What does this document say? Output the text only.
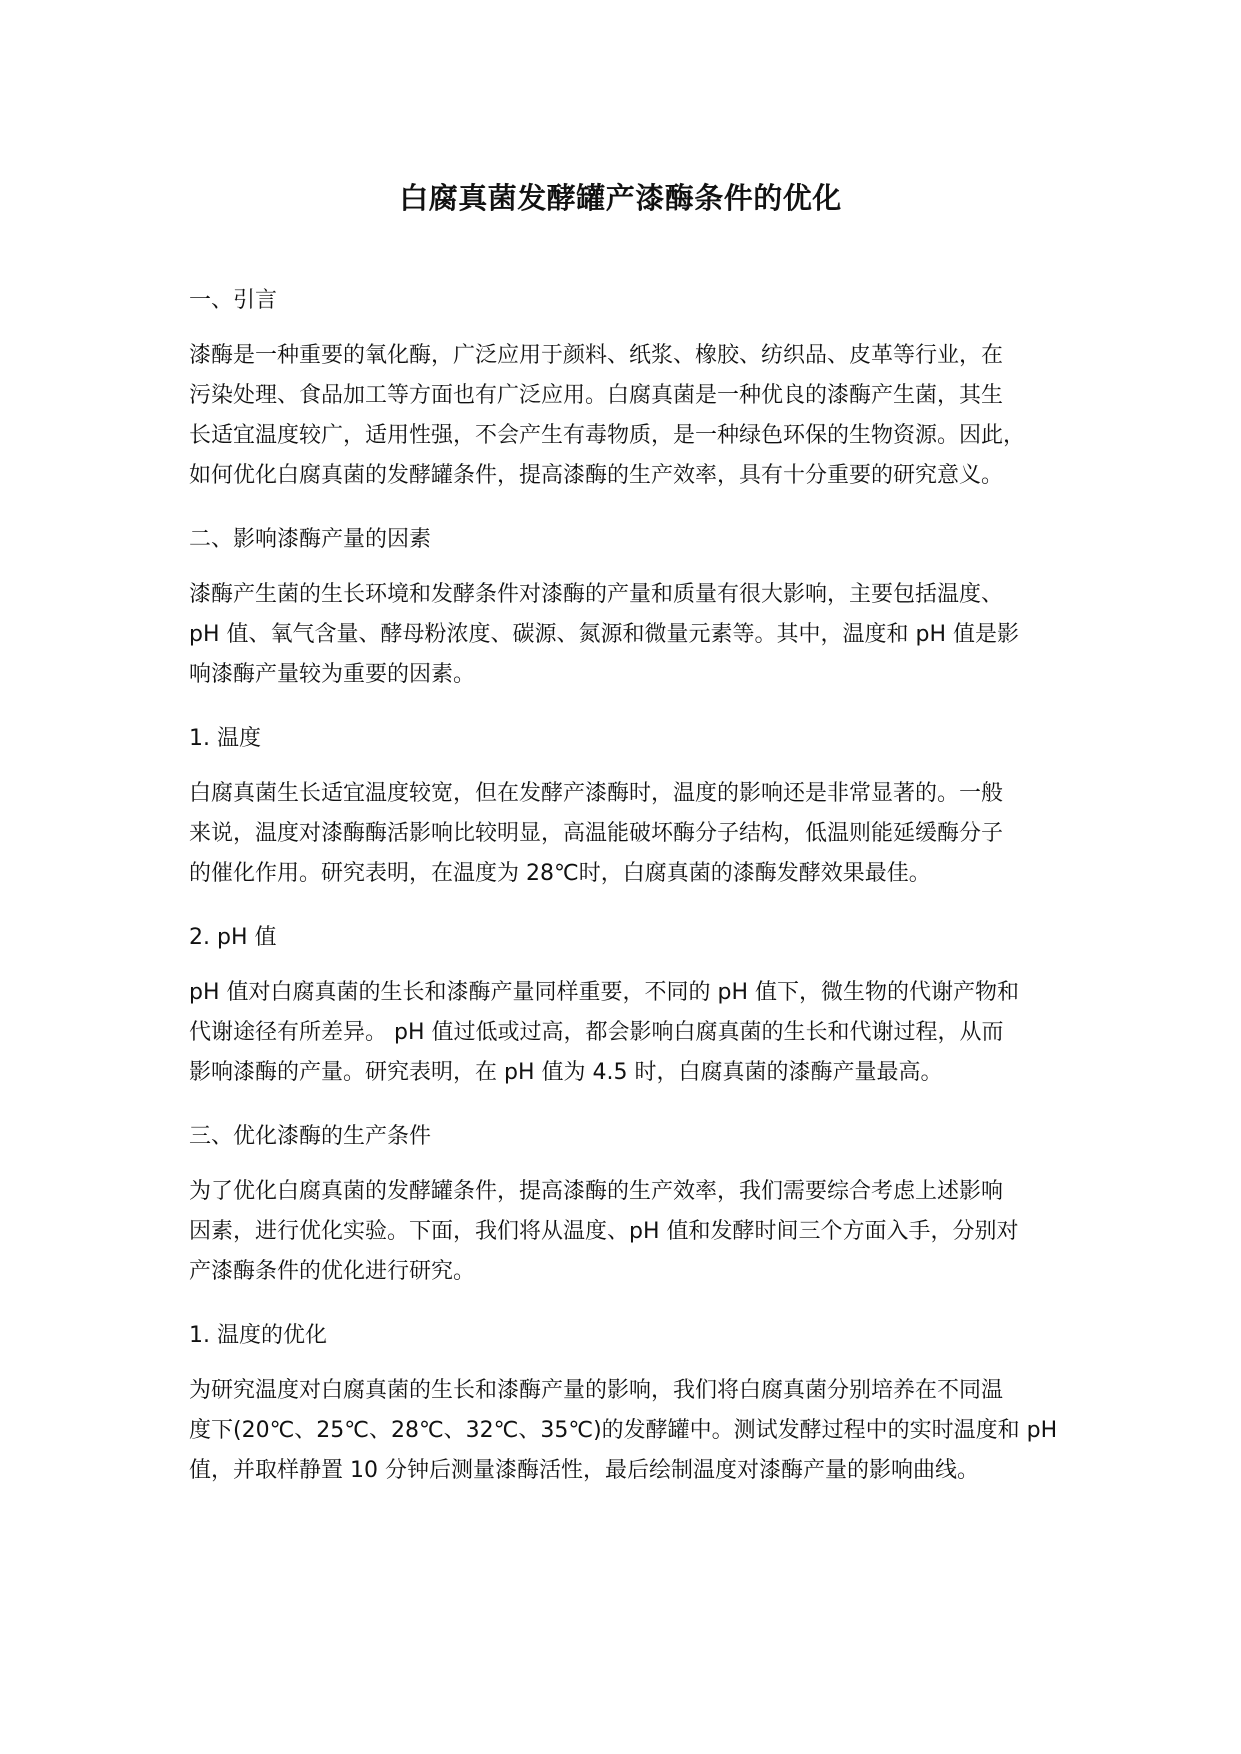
白腐真菌发酵罐产漆酶条件的优化
一、引言
漆酶是一种重要的氧化酶，广泛应用于颜料、纸浆、橡胶、纺织品、皮革等行业，在
污染处理、食品加工等方面也有广泛应用。白腐真菌是一种优良的漆酶产生菌，其生
长适宜温度较广，适用性强，不会产生有毒物质，是一种绿色环保的生物资源。因此，
如何优化白腐真菌的发酵罐条件，提高漆酶的生产效率，具有十分重要的研究意义。
二、影响漆酶产量的因素
漆酶产生菌的生长环境和发酵条件对漆酶的产量和质量有很大影响，主要包括温度、
pH 值、氧气含量、酵母粉浓度、碳源、氮源和微量元素等。其中，温度和 pH 值是影
响漆酶产量较为重要的因素。
1. 温度
白腐真菌生长适宜温度较宽，但在发酵产漆酶时，温度的影响还是非常显著的。一般
来说，温度对漆酶酶活影响比较明显，高温能破坏酶分子结构，低温则能延缓酶分子
的催化作用。研究表明，在温度为 28℃时，白腐真菌的漆酶发酵效果最佳。
2. pH 值
pH 值对白腐真菌的生长和漆酶产量同样重要，不同的 pH 值下，微生物的代谢产物和
代谢途径有所差异。 pH 值过低或过高，都会影响白腐真菌的生长和代谢过程，从而
影响漆酶的产量。研究表明，在 pH 值为 4.5 时，白腐真菌的漆酶产量最高。
三、优化漆酶的生产条件
为了优化白腐真菌的发酵罐条件，提高漆酶的生产效率，我们需要综合考虑上述影响
因素，进行优化实验。下面，我们将从温度、pH 值和发酵时间三个方面入手，分别对
产漆酶条件的优化进行研究。
1. 温度的优化
为研究温度对白腐真菌的生长和漆酶产量的影响，我们将白腐真菌分别培养在不同温
度下(20℃、25℃、28℃、32℃、35℃)的发酵罐中。测试发酵过程中的实时温度和 pH
值，并取样静置 10 分钟后测量漆酶活性，最后绘制温度对漆酶产量的影响曲线。
